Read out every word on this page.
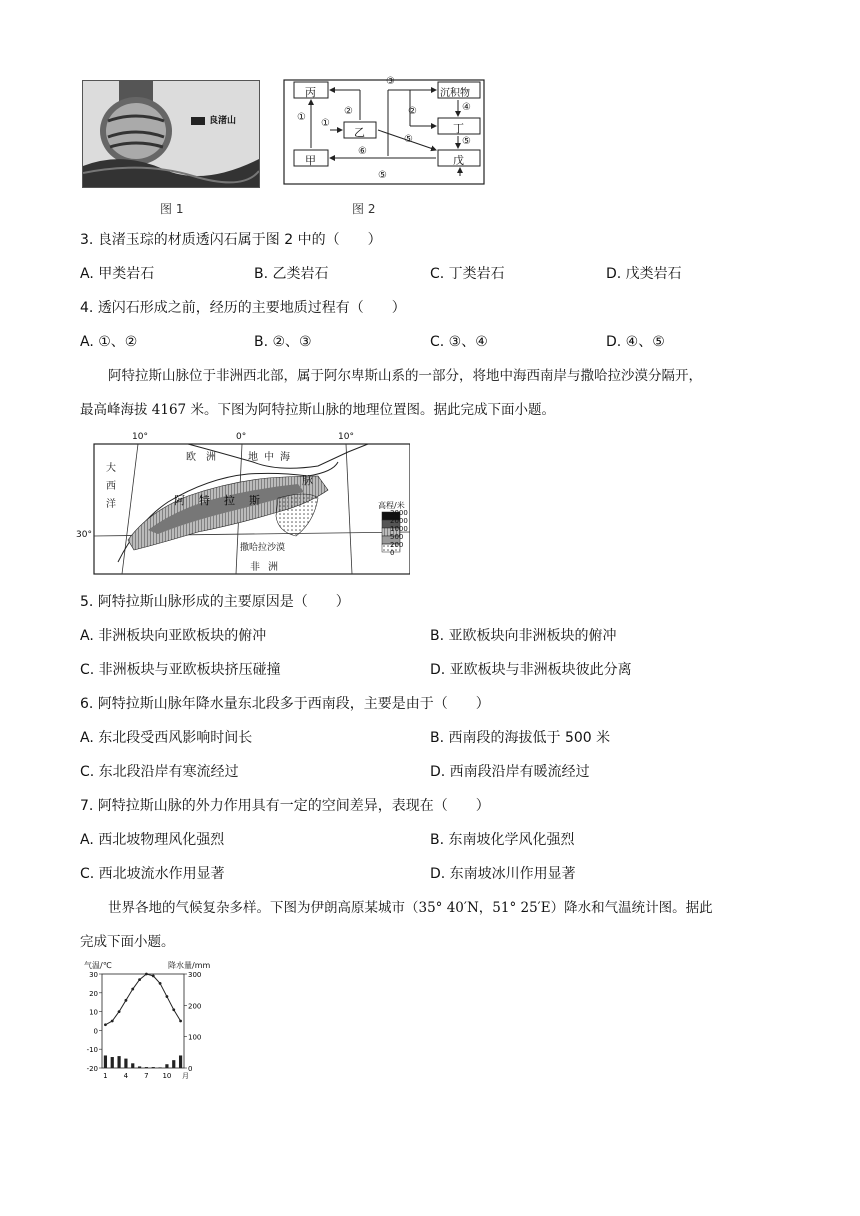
良渚山
图 1
丙
乙
甲
沉积物
丁
戊
①
①
②	②
③
④
⑤	⑤
⑤
⑥
图 2
3. 良渚玉琮的材质透闪石属于图 2 中的（　　）
A. 甲类岩石	B. 乙类岩石	C. 丁类岩石	D. 戊类岩石
4. 透闪石形成之前，经历的主要地质过程有（　　）
A. ①、②	B. ②、③	C. ③、④	D. ④、⑤
阿特拉斯山脉位于非洲西北部，属于阿尔卑斯山系的一部分，将地中海西南岸与撒哈拉沙漠分隔开，
最高峰海拔 4167 米。下图为阿特拉斯山脉的地理位置图。据此完成下面小题。
10°	0°	10°
30°
欧洲 地中海
大西洋	阿特拉斯
脉
撒哈拉沙漠
非洲
高程/米
3000
2000
1000
500
200
0
5. 阿特拉斯山脉形成的主要原因是（　　）
A. 非洲板块向亚欧板块的俯冲	B. 亚欧板块向非洲板块的俯冲
C. 非洲板块与亚欧板块挤压碰撞	D. 亚欧板块与非洲板块彼此分离
6. 阿特拉斯山脉年降水量东北段多于西南段，主要是由于（　　）
A. 东北段受西风影响时间长	B. 西南段的海拔低于 500 米
C. 东北段沿岸有寒流经过	D. 西南段沿岸有暖流经过
7. 阿特拉斯山脉的外力作用具有一定的空间差异，表现在（　　）
A. 西北坡物理风化强烈	B. 东南坡化学风化强烈
C. 西北坡流水作用显著	D. 东南坡冰川作用显著
世界各地的气候复杂多样。下图为伊朗高原某城市（35° 40′N，51° 25′E）降水和气温统计图。据此
完成下面小题。
30
20
10
0
-10
-20
300
200
100
0
1 4 7 10 月
气温/℃	降水量/mm
